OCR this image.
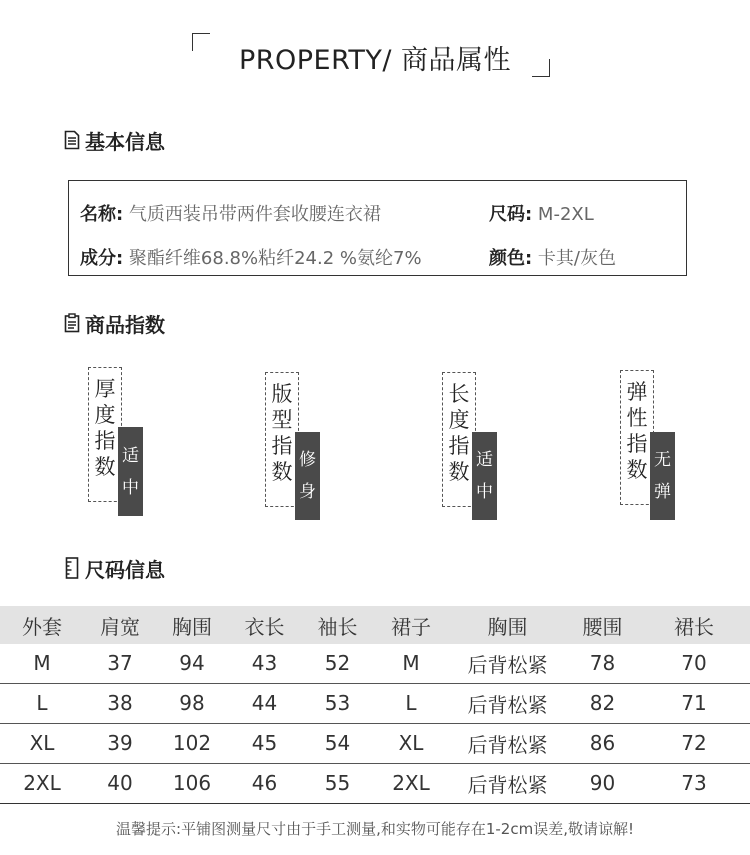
PROPERTY/ 商品属性
基本信息
名称: 气质西装吊带两件套收腰连衣裙	尺码: M-2XL
成分: 聚酯纤维68.8%粘纤24.2 %氨纶7%	颜色: 卡其/灰色
商品指数
厚
度
指
数 适
中
版
型
指
数 修
身
长
度
指
数 适
中
弹
性
指
数 无
弹
尺码信息
外套	肩宽	胸围	衣长	袖长	裙子	胸围	腰围	裙长
M	37	94	43	52	M	后背松紧	78	70
L	38	98	44	53	L	后背松紧	82	71
XL	39	102	45	54	XL	后背松紧	86	72
2XL	40	106	46	55	2XL	后背松紧	90	73
温馨提示:平铺图测量尺寸由于手工测量,和实物可能存在1-2cm误差,敬请谅解!
